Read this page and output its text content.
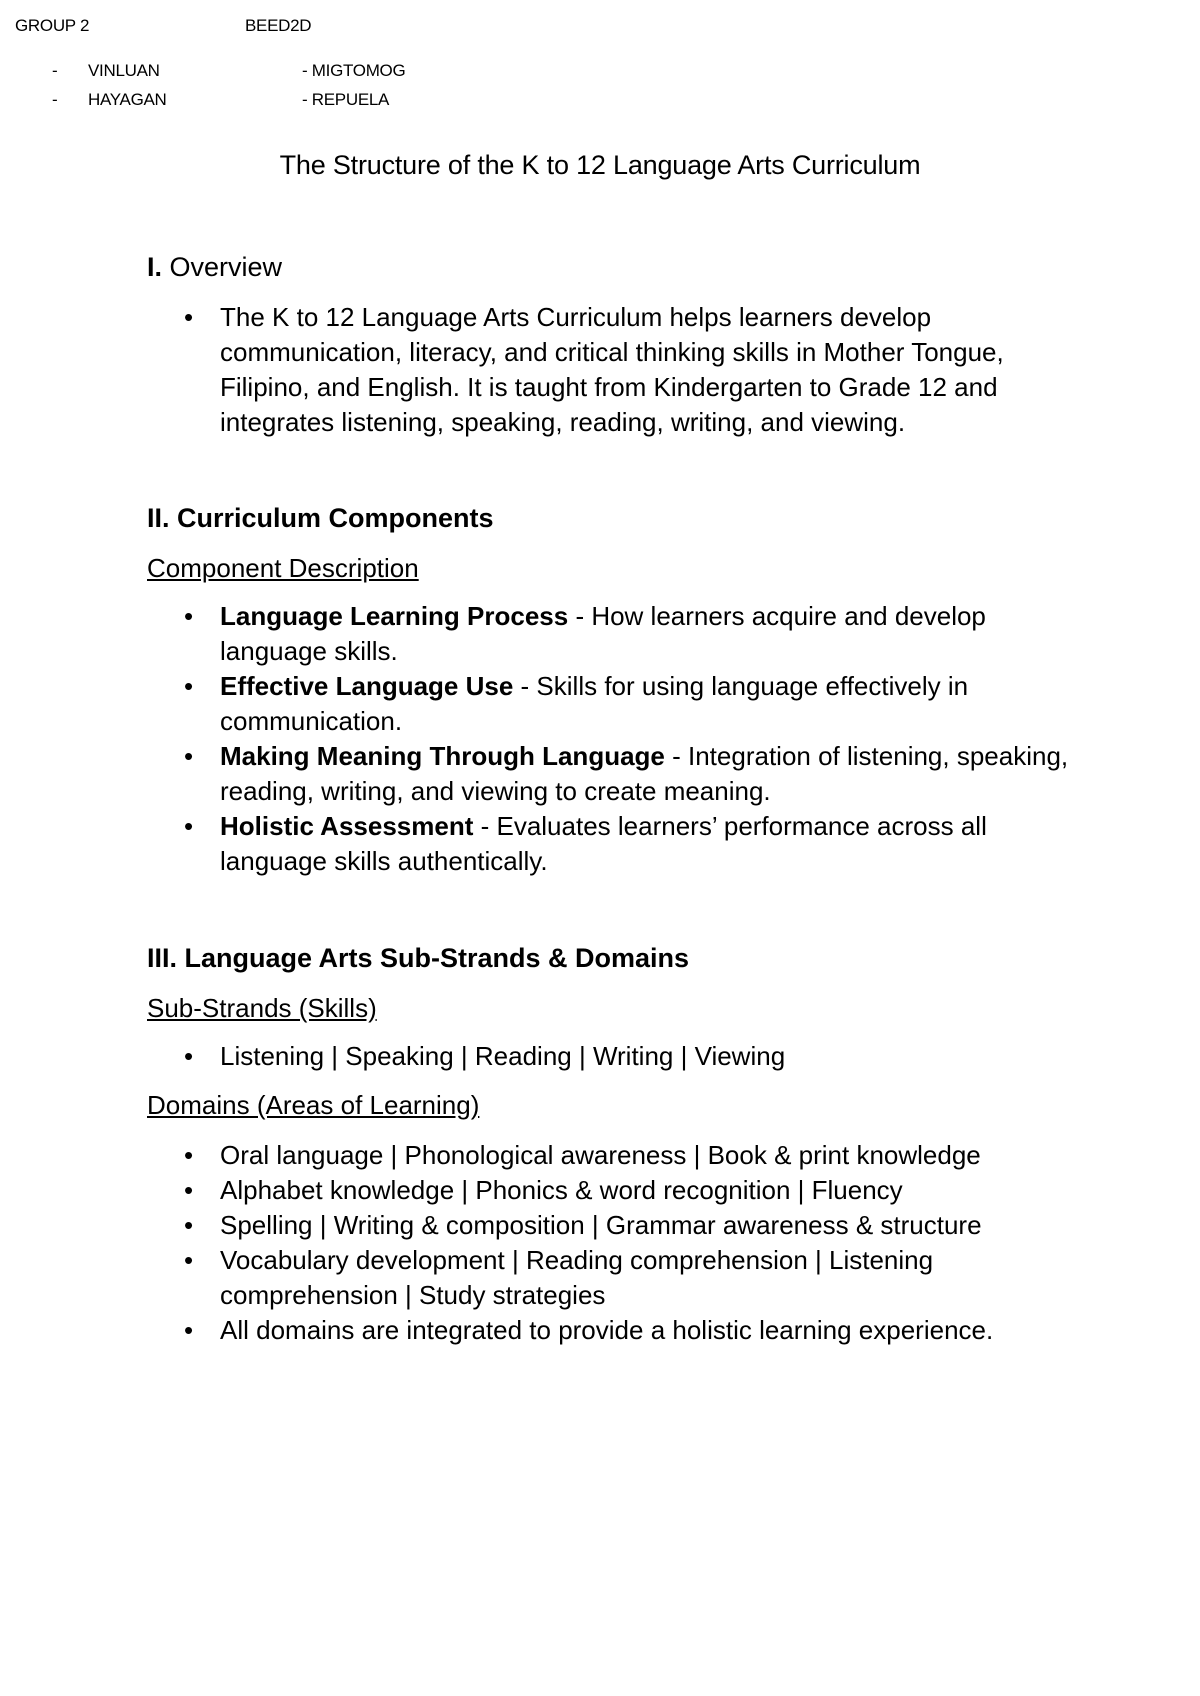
GROUP 2	BEED2D
- VINLUAN
- HAYAGAN
- MIGTOMOG
- REPUELA
The Structure of the K to 12 Language Arts Curriculum
I. Overview
• The K to 12 Language Arts Curriculum helps learners develop communication, literacy, and critical thinking skills in Mother Tongue, Filipino, and English. It is taught from Kindergarten to Grade 12 and integrates listening, speaking, reading, writing, and viewing.
II. Curriculum Components
Component Description
• Language Learning Process - How learners acquire and develop language skills.
• Effective Language Use - Skills for using language effectively in communication.
• Making Meaning Through Language - Integration of listening, speaking, reading, writing, and viewing to create meaning.
• Holistic Assessment - Evaluates learners’ performance across all language skills authentically.
III. Language Arts Sub-Strands & Domains
Sub-Strands (Skills)
• Listening | Speaking | Reading | Writing | Viewing
Domains (Areas of Learning)
• Oral language | Phonological awareness | Book & print knowledge
• Alphabet knowledge | Phonics & word recognition | Fluency
• Spelling | Writing & composition | Grammar awareness & structure
• Vocabulary development | Reading comprehension | Listening comprehension | Study strategies
• All domains are integrated to provide a holistic learning experience.
